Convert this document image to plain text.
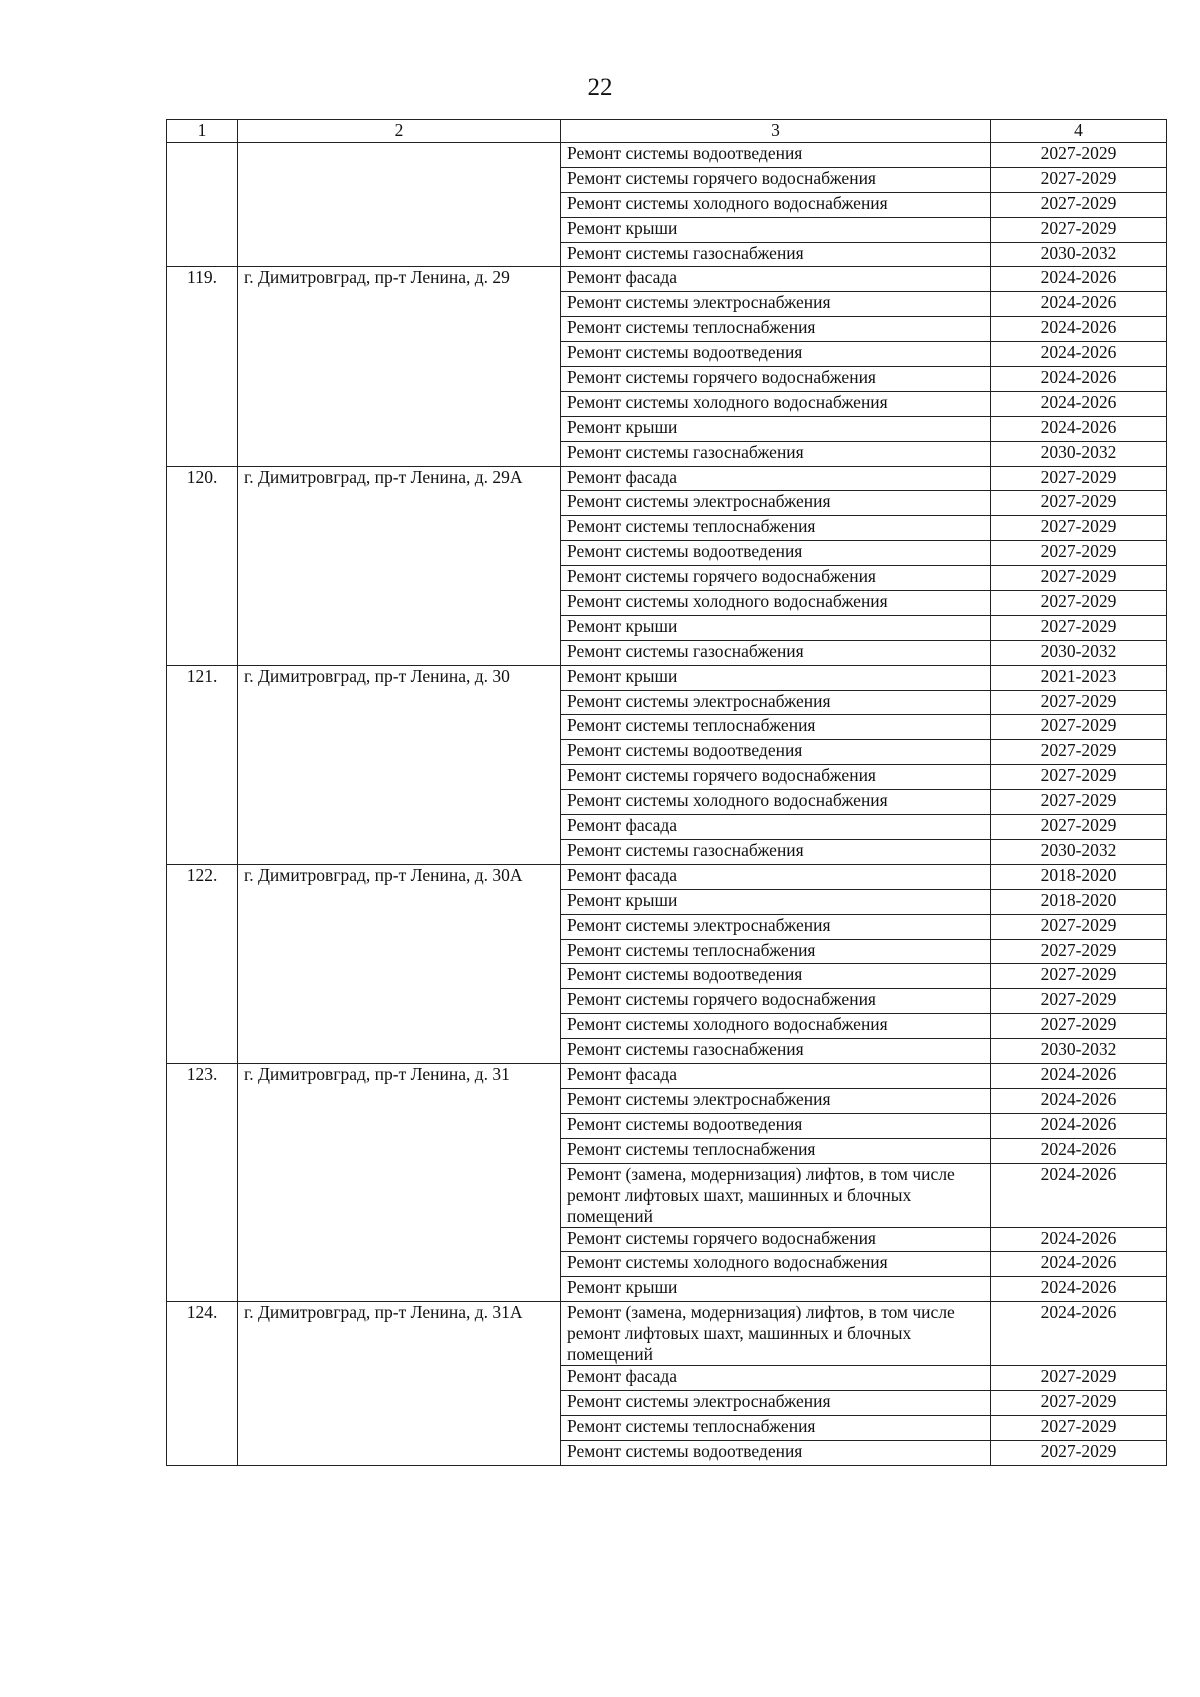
22
1	2	3	4
		Ремонт системы водоотведения	2027-2029
		Ремонт системы горячего водоснабжения	2027-2029
		Ремонт системы холодного водоснабжения	2027-2029
		Ремонт крыши	2027-2029
		Ремонт системы газоснабжения	2030-2032
119.	г. Димитровград, пр-т Ленина, д. 29	Ремонт фасада	2024-2026
		Ремонт системы электроснабжения	2024-2026
		Ремонт системы теплоснабжения	2024-2026
		Ремонт системы водоотведения	2024-2026
		Ремонт системы горячего водоснабжения	2024-2026
		Ремонт системы холодного водоснабжения	2024-2026
		Ремонт крыши	2024-2026
		Ремонт системы газоснабжения	2030-2032
120.	г. Димитровград, пр-т Ленина, д. 29А	Ремонт фасада	2027-2029
		Ремонт системы электроснабжения	2027-2029
		Ремонт системы теплоснабжения	2027-2029
		Ремонт системы водоотведения	2027-2029
		Ремонт системы горячего водоснабжения	2027-2029
		Ремонт системы холодного водоснабжения	2027-2029
		Ремонт крыши	2027-2029
		Ремонт системы газоснабжения	2030-2032
121.	г. Димитровград, пр-т Ленина, д. 30	Ремонт крыши	2021-2023
		Ремонт системы электроснабжения	2027-2029
		Ремонт системы теплоснабжения	2027-2029
		Ремонт системы водоотведения	2027-2029
		Ремонт системы горячего водоснабжения	2027-2029
		Ремонт системы холодного водоснабжения	2027-2029
		Ремонт фасада	2027-2029
		Ремонт системы газоснабжения	2030-2032
122.	г. Димитровград, пр-т Ленина, д. 30А	Ремонт фасада	2018-2020
		Ремонт крыши	2018-2020
		Ремонт системы электроснабжения	2027-2029
		Ремонт системы теплоснабжения	2027-2029
		Ремонт системы водоотведения	2027-2029
		Ремонт системы горячего водоснабжения	2027-2029
		Ремонт системы холодного водоснабжения	2027-2029
		Ремонт системы газоснабжения	2030-2032
123.	г. Димитровград, пр-т Ленина, д. 31	Ремонт фасада	2024-2026
		Ремонт системы электроснабжения	2024-2026
		Ремонт системы водоотведения	2024-2026
		Ремонт системы теплоснабжения	2024-2026
		Ремонт (замена, модернизация) лифтов, в том числе ремонт лифтовых шахт, машинных и блочных помещений	2024-2026
		Ремонт системы горячего водоснабжения	2024-2026
		Ремонт системы холодного водоснабжения	2024-2026
		Ремонт крыши	2024-2026
124.	г. Димитровград, пр-т Ленина, д. 31А	Ремонт (замена, модернизация) лифтов, в том числе ремонт лифтовых шахт, машинных и блочных помещений	2024-2026
		Ремонт фасада	2027-2029
		Ремонт системы электроснабжения	2027-2029
		Ремонт системы теплоснабжения	2027-2029
		Ремонт системы водоотведения	2027-2029
